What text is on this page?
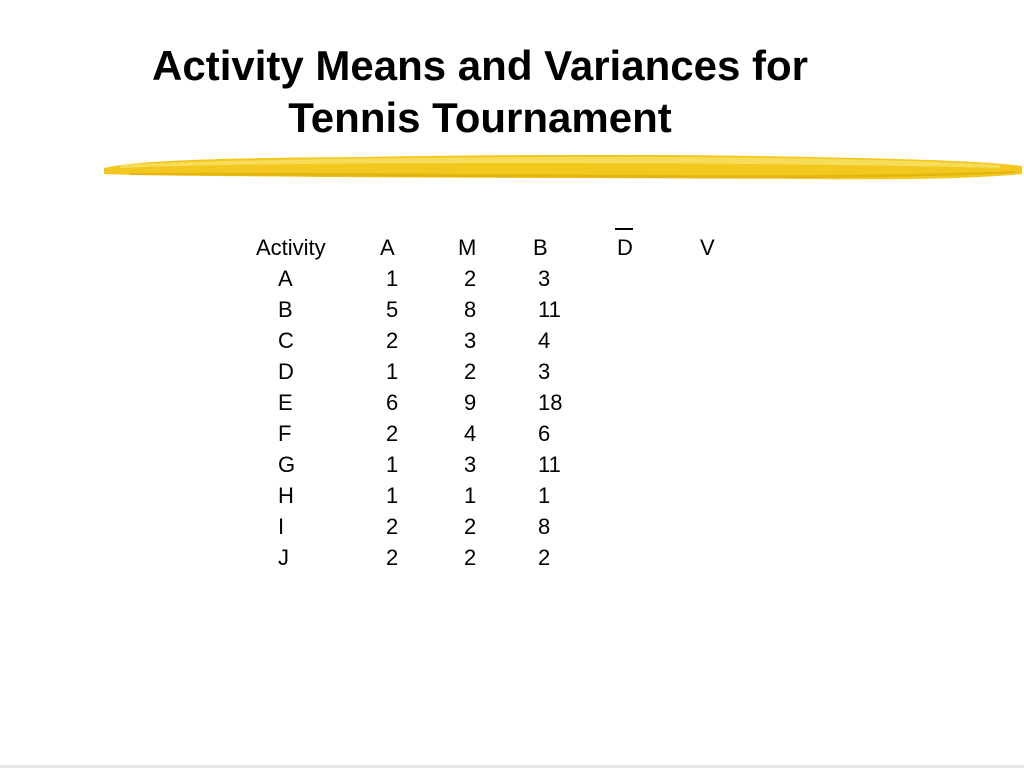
Activity Means and Variances for
Tennis Tournament
Activity A	M	B	D	V
A	1	2	3
B	5	8	11
C	2	3	4
D	1	2	3
E	6	9	18
F	2	4	6
G	1	3	11
H	1	1	1
I	2	2	8
J	2	2	2
